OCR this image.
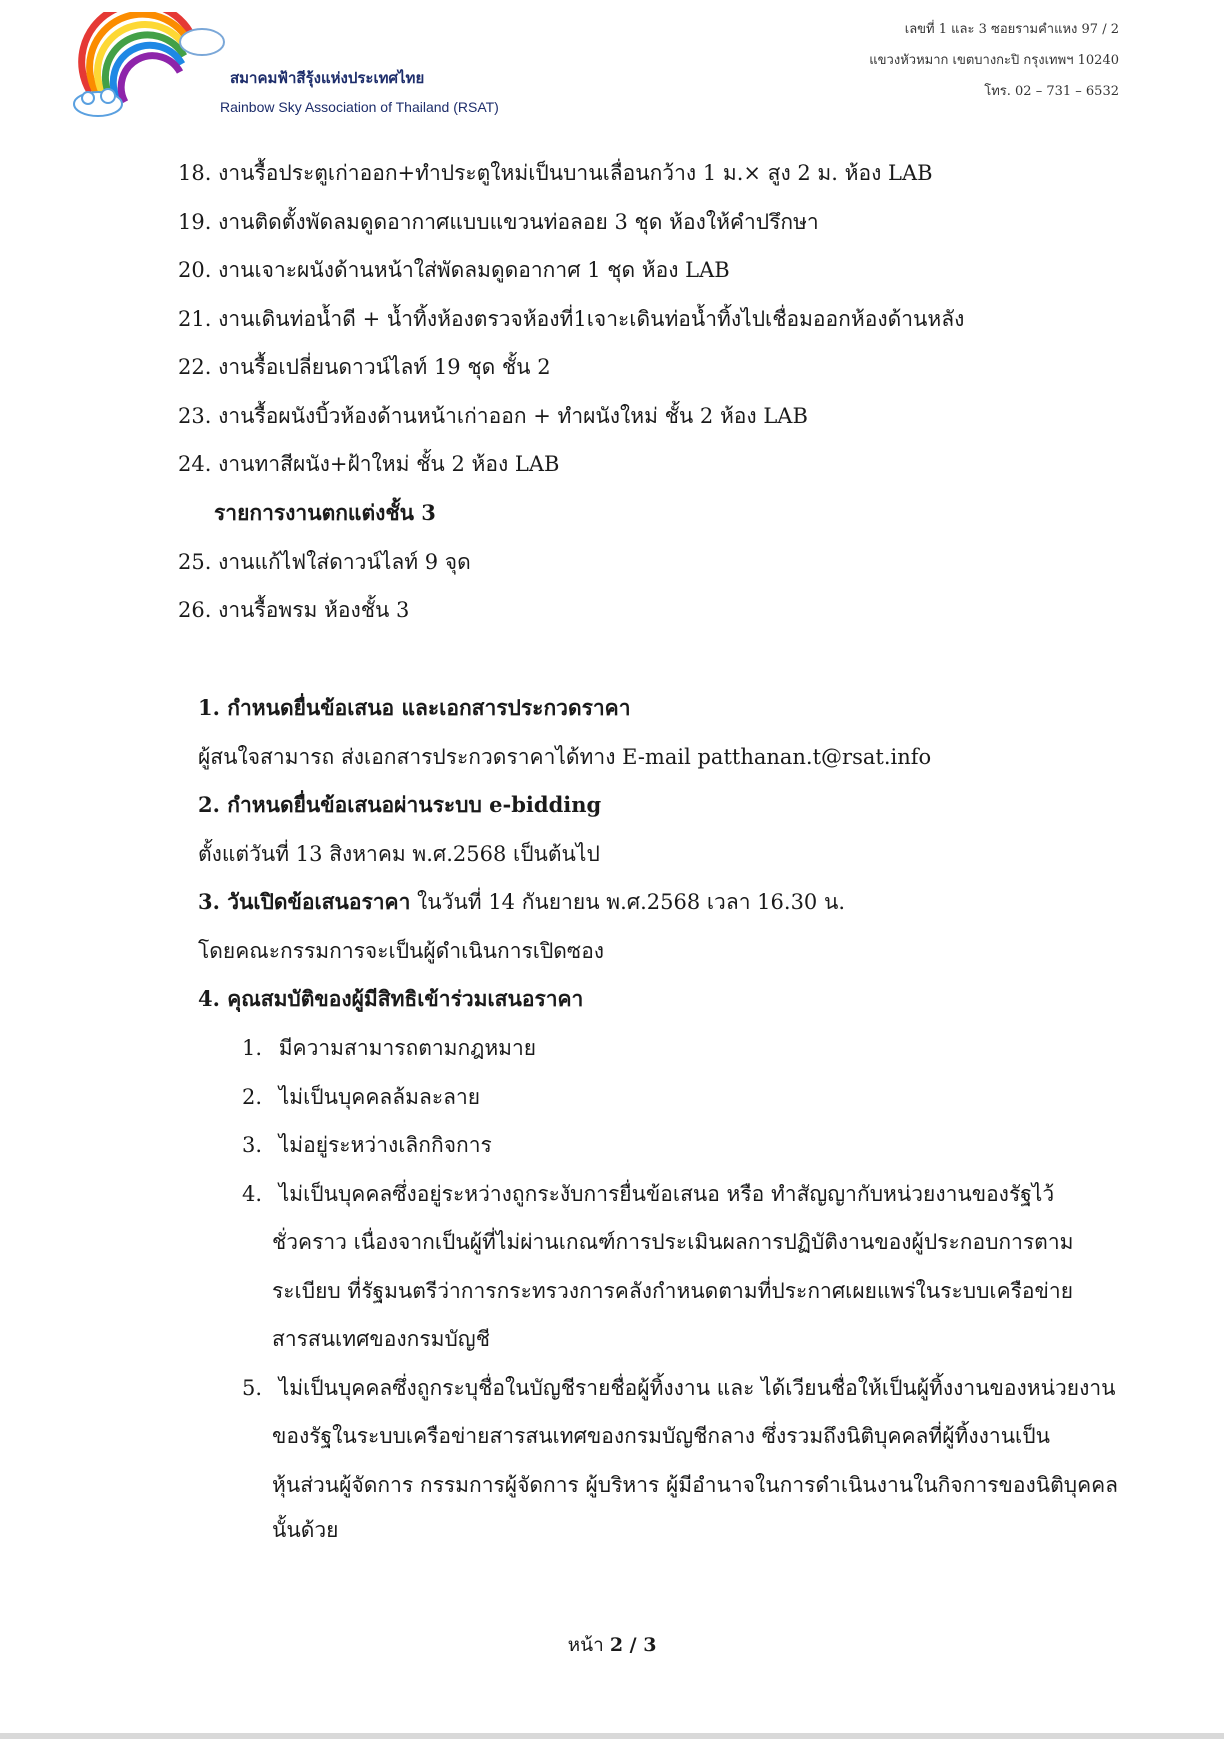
สมาคมฟ้าสีรุ้งแห่งประเทศไทย
Rainbow Sky Association of Thailand (RSAT)
เลขที่ 1 และ 3 ซอยรามคำแหง 97 / 2
แขวงหัวหมาก เขตบางกะปิ กรุงเทพฯ 10240
โทร. 02 – 731 – 6532
18. งานรื้อประตูเก่าออก+ทำประตูใหม่เป็นบานเลื่อนกว้าง 1 ม.× สูง 2 ม. ห้อง LAB
19. งานติดตั้งพัดลมดูดอากาศแบบแขวนท่อลอย 3 ชุด ห้องให้คำปรึกษา
20. งานเจาะผนังด้านหน้าใส่พัดลมดูดอากาศ 1 ชุด ห้อง LAB
21. งานเดินท่อน้ำดี + น้ำทิ้งห้องตรวจห้องที่1เจาะเดินท่อน้ำทิ้งไปเชื่อมออกห้องด้านหลัง
22. งานรื้อเปลี่ยนดาวน์ไลท์ 19 ชุด ชั้น 2
23. งานรื้อผนังบิ้วห้องด้านหน้าเก่าออก + ทำผนังใหม่ ชั้น 2 ห้อง LAB
24. งานทาสีผนัง+ฝ้าใหม่ ชั้น 2 ห้อง LAB
รายการงานตกแต่งชั้น 3
25. งานแก้ไฟใส่ดาวน์ไลท์ 9 จุด
26. งานรื้อพรม ห้องชั้น 3
1. กำหนดยื่นข้อเสนอ และเอกสารประกวดราคา
ผู้สนใจสามารถ ส่งเอกสารประกวดราคาได้ทาง E-mail patthanan.t@rsat.info
2. กำหนดยื่นข้อเสนอผ่านระบบ e-bidding
ตั้งแต่วันที่ 13 สิงหาคม พ.ศ.2568 เป็นต้นไป
3. วันเปิดข้อเสนอราคา ในวันที่ 14 กันยายน พ.ศ.2568 เวลา 16.30 น.
โดยคณะกรรมการจะเป็นผู้ดำเนินการเปิดซอง
4. คุณสมบัติของผู้มีสิทธิเข้าร่วมเสนอราคา
1. มีความสามารถตามกฎหมาย
2. ไม่เป็นบุคคลล้มละลาย
3. ไม่อยู่ระหว่างเลิกกิจการ
4. ไม่เป็นบุคคลซึ่งอยู่ระหว่างถูกระงับการยื่นข้อเสนอ หรือ ทำสัญญากับหน่วยงานของรัฐไว้
ชั่วคราว เนื่องจากเป็นผู้ที่ไม่ผ่านเกณฑ์การประเมินผลการปฏิบัติงานของผู้ประกอบการตาม
ระเบียบ ที่รัฐมนตรีว่าการกระทรวงการคลังกำหนดตามที่ประกาศเผยแพร่ในระบบเครือข่าย
สารสนเทศของกรมบัญชี
5. ไม่เป็นบุคคลซึ่งถูกระบุชื่อในบัญชีรายชื่อผู้ทิ้งงาน และ ได้เวียนชื่อให้เป็นผู้ทิ้งงานของหน่วยงาน
ของรัฐในระบบเครือข่ายสารสนเทศของกรมบัญชีกลาง ซึ่งรวมถึงนิติบุคคลที่ผู้ทิ้งงานเป็น
หุ้นส่วนผู้จัดการ กรรมการผู้จัดการ ผู้บริหาร ผู้มีอำนาจในการดำเนินงานในกิจการของนิติบุคคล
นั้นด้วย
หน้า 2 / 3
